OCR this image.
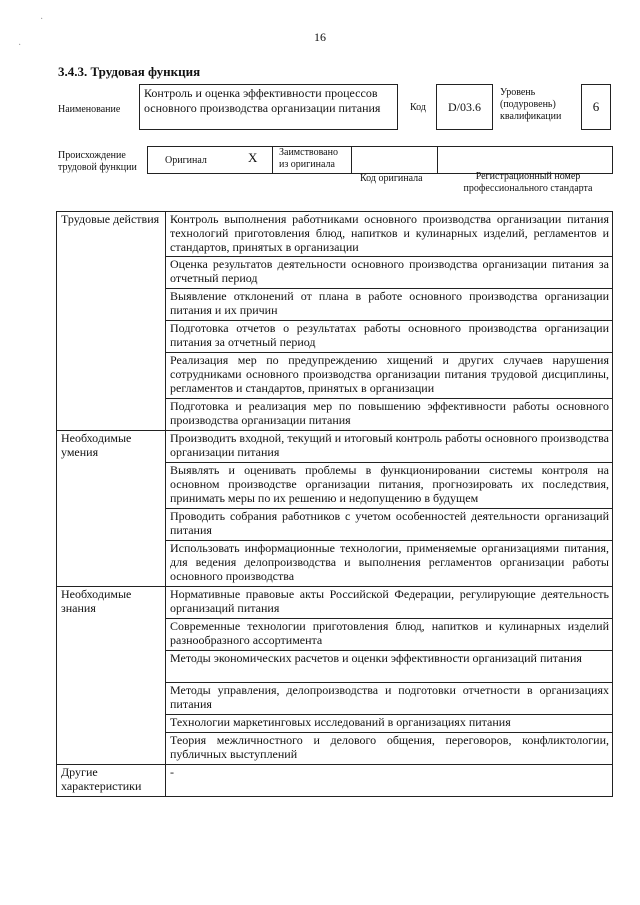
·
·
16
3.4.3. Трудовая функция
Наименование
Контроль и оценка эффективности процессов основного производства организации питания	Код D/03.6
Уровень (подуровень) квалификации
6
Происхождение трудовой функции
Оригинал	X Заимствовано из оригинала
Код оригинала	Регистрационный номер профессионального стандарта
Трудовые действия	Контроль выполнения работниками основного производства организации питания технологий приготовления блюд, напитков и кулинарных изделий, регламентов и стандартов, принятых в организации

	Оценка результатов деятельности основного производства организации питания за отчетный период

	Выявление отклонений от плана в работе основного производства организации питания и их причин

	Подготовка отчетов о результатах работы основного производства организации питания за отчетный период

	Реализация мер по предупреждению хищений и других случаев нарушения сотрудниками основного производства организации питания трудовой дисциплины, регламентов и стандартов, принятых в организации

	Подготовка и реализация мер по повышению эффективности работы основного производства организации питания

Необходимые умения	Производить входной, текущий и итоговый контроль работы основного производства организации питания

	Выявлять и оценивать проблемы в функционировании системы контроля на основном производстве организации питания, прогнозировать их последствия, принимать меры по их решению и недопущению в будущем

	Проводить собрания работников с учетом особенностей деятельности организаций питания

	Использовать информационные технологии, применяемые организациями питания, для ведения делопроизводства и выполнения регламентов организации работы основного производства

Необходимые знания	Нормативные правовые акты Российской Федерации, регулирующие деятельность организаций питания

	Современные технологии приготовления блюд, напитков и кулинарных изделий разнообразного ассортимента

	Методы экономических расчетов и оценки эффективности организаций питания

	Методы управления, делопроизводства и подготовки отчетности в организациях питания

	Технологии маркетинговых исследований в организациях питания

	Теория межличностного и делового общения, переговоров, конфликтологии, публичных выступлений

Другие характеристики	-
